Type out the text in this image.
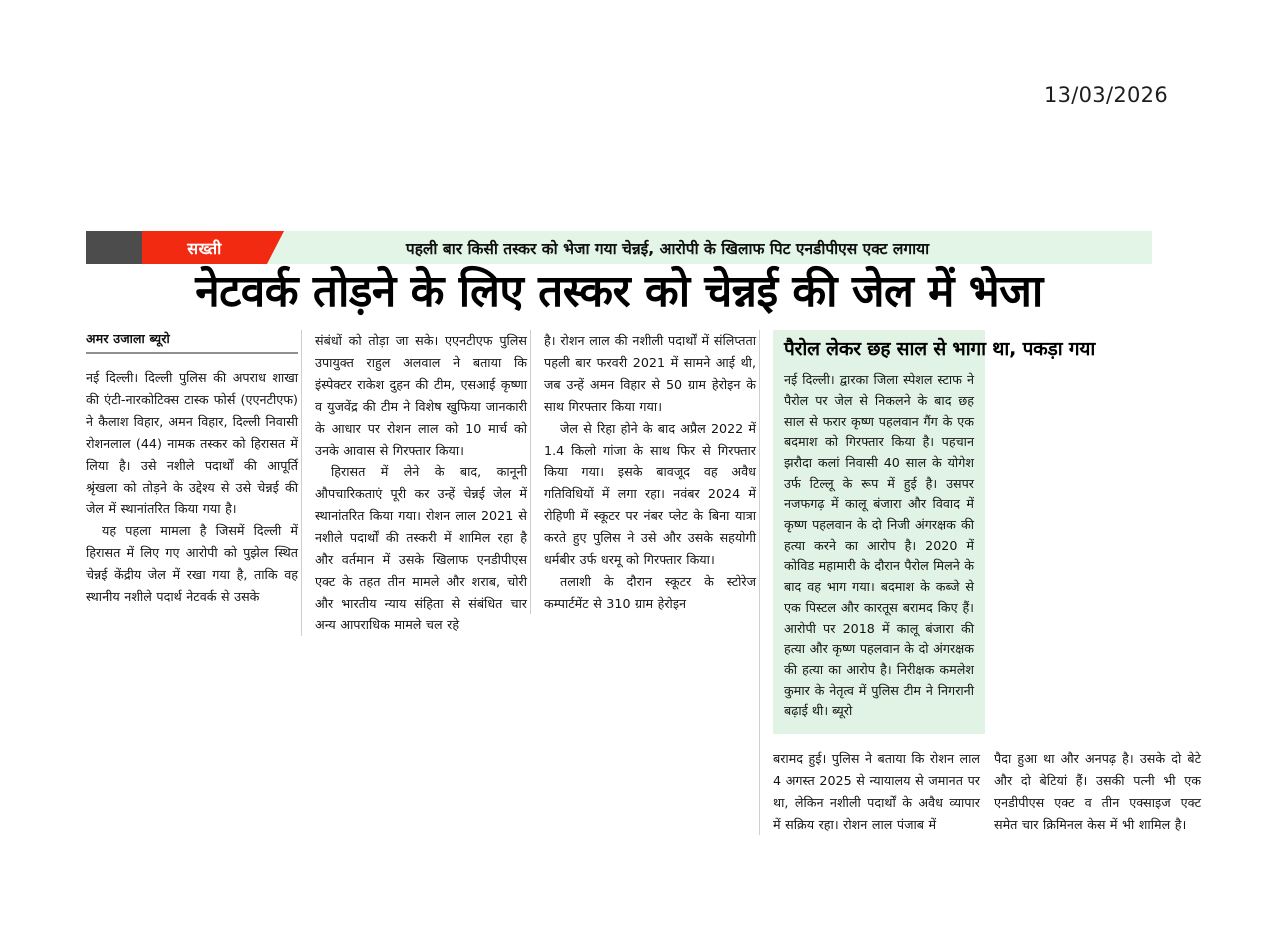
13/03/2026
सख्ती	पहली बार किसी तस्कर को भेजा गया चेन्नई, आरोपी के खिलाफ पिट एनडीपीएस एक्ट लगाया
नेटवर्क तोड़ने के लिए तस्कर को चेन्नई की जेल में भेजा
अमर उजाला ब्यूरो

नई दिल्ली। दिल्ली पुलिस की अपराध शाखा की एंटी-नारकोटिक्स टास्क फोर्स (एएनटीएफ) ने कैलाश विहार, अमन विहार, दिल्ली निवासी रोशनलाल (44) नामक तस्कर को हिरासत में लिया है। उसे नशीले पदार्थों की आपूर्ति श्रृंखला को तोड़ने के उद्देश्य से उसे चेन्नई की जेल में स्थानांतरित किया गया है।

यह पहला मामला है जिसमें दिल्ली में हिरासत में लिए गए आरोपी को पुझेल स्थित चेन्नई केंद्रीय जेल में रखा गया है, ताकि वह स्थानीय नशीले पदार्थ नेटवर्क से उसके

संबंधों को तोड़ा जा सके। एएनटीएफ पुलिस उपायुक्त राहुल अलवाल ने बताया कि इंस्पेक्टर राकेश दुहन की टीम, एसआई कृष्णा व युजवेंद्र की टीम ने विशेष खुफिया जानकारी के आधार पर रोशन लाल को 10 मार्च को उनके आवास से गिरफ्तार किया।

हिरासत में लेने के बाद, कानूनी औपचारिकताएं पूरी कर उन्हें चेन्नई जेल में स्थानांतरित किया गया। रोशन लाल 2021 से नशीले पदार्थों की तस्करी में शामिल रहा है और वर्तमान में उसके खिलाफ एनडीपीएस एक्ट के तहत तीन मामले और शराब, चोरी और भारतीय न्याय संहिता से संबंधित चार अन्य आपराधिक मामले चल रहे

है। रोशन लाल की नशीली पदार्थों में संलिप्तता पहली बार फरवरी 2021 में सामने आई थी, जब उन्हें अमन विहार से 50 ग्राम हेरोइन के साथ गिरफ्तार किया गया।

जेल से रिहा होने के बाद अप्रैल 2022 में 1.4 किलो गांजा के साथ फिर से गिरफ्तार किया गया। इसके बावजूद वह अवैध गतिविधियों में लगा रहा। नवंबर 2024 में रोहिणी में स्कूटर पर नंबर प्लेट के बिना यात्रा करते हुए पुलिस ने उसे और उसके सहयोगी धर्मबीर उर्फ धरमू को गिरफ्तार किया।

तलाशी के दौरान स्कूटर के स्टोरेज कम्पार्टमेंट से 310 ग्राम हेरोइन

पैरोल लेकर छह साल से भागा था, पकड़ा गया
नई दिल्ली। द्वारका जिला स्पेशल स्टाफ ने पैरोल पर जेल से निकलने के बाद छह साल से फरार कृष्ण पहलवान गैंग के एक बदमाश को गिरफ्तार किया है। पहचान झरौदा कलां निवासी 40 साल के योगेश उर्फ टिल्लू के रूप में हुई है। उसपर नजफगढ़ में कालू बंजारा और विवाद में कृष्ण पहलवान के दो निजी अंगरक्षक की हत्या करने का आरोप है। 2020 में कोविड महामारी के दौरान पैरोल मिलने के बाद वह भाग गया। बदमाश के कब्जे से एक पिस्टल और कारतूस बरामद किए हैं। आरोपी पर 2018 में कालू बंजारा की हत्या और कृष्ण पहलवान के दो अंगरक्षक की हत्या का आरोप है। निरीक्षक कमलेश कुमार के नेतृत्व में पुलिस टीम ने निगरानी बढ़ाई थी। ब्यूरो

बरामद हुई। पुलिस ने बताया कि रोशन लाल 4 अगस्त 2025 से न्यायालय से जमानत पर था, लेकिन नशीली पदार्थों के अवैध व्यापार में सक्रिय रहा। रोशन लाल पंजाब में

पैदा हुआ था और अनपढ़ है। उसके दो बेटे और दो बेटियां हैं। उसकी पत्नी भी एक एनडीपीएस एक्ट व तीन एक्साइज एक्ट समेत चार क्रिमिनल केस में भी शामिल है।
